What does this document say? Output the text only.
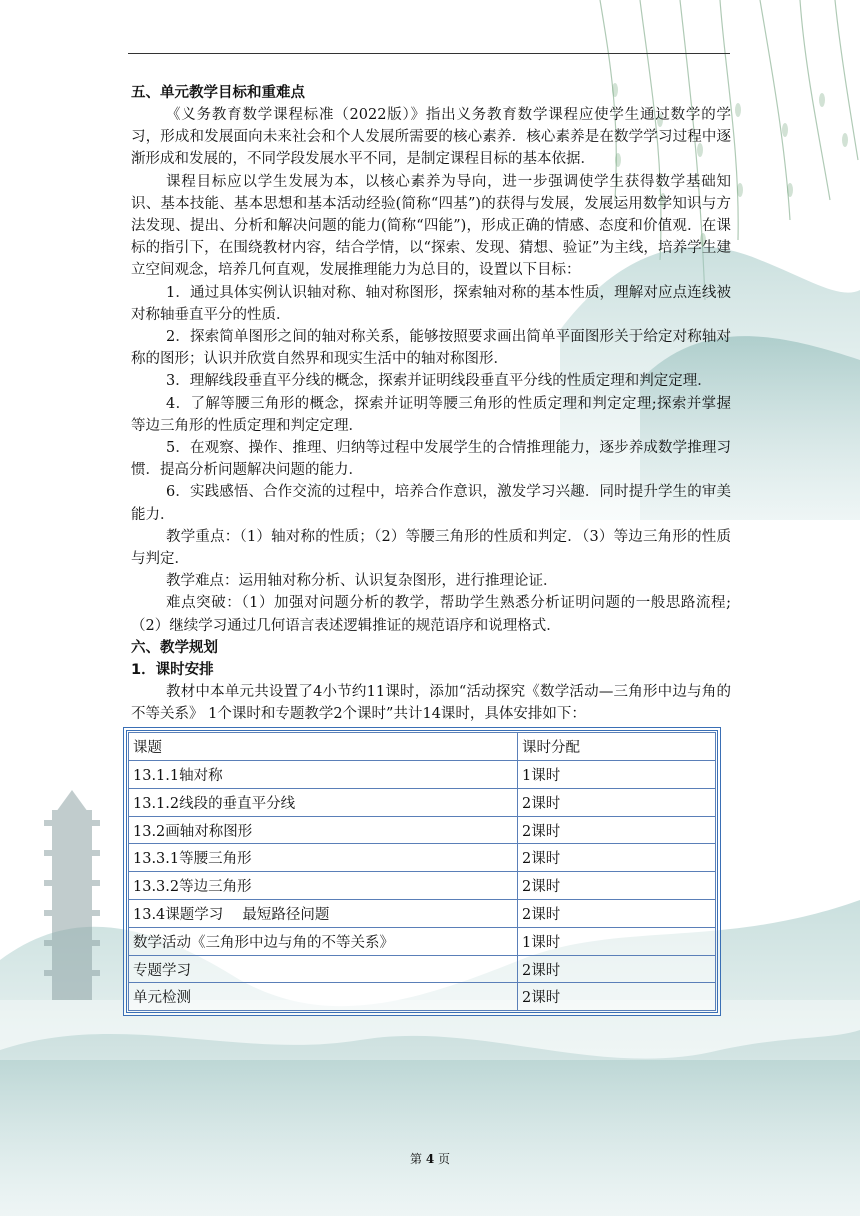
五、单元教学目标和重难点

《义务教育数学课程标准（2022版）》指出义务教育数学课程应使学生通过数学的学习，形成和发展面向未来社会和个人发展所需要的核心素养．核心素养是在数学学习过程中逐渐形成和发展的，不同学段发展水平不同，是制定课程目标的基本依据．

课程目标应以学生发展为本，以核心素养为导向，进一步强调使学生获得数学基础知识、基本技能、基本思想和基本活动经验(简称“四基”)的获得与发展，发展运用数学知识与方法发现、提出、分析和解决问题的能力(简称“四能”)，形成正确的情感、态度和价值观．在课标的指引下，在围绕教材内容，结合学情，以“探索、发现、猜想、验证”为主线，培养学生建立空间观念，培养几何直观，发展推理能力为总目的，设置以下目标：

1．通过具体实例认识轴对称、轴对称图形，探索轴对称的基本性质，理解对应点连线被对称轴垂直平分的性质．

2．探索简单图形之间的轴对称关系，能够按照要求画出简单平面图形关于给定对称轴对称的图形；认识并欣赏自然界和现实生活中的轴对称图形．

3．理解线段垂直平分线的概念，探索并证明线段垂直平分线的性质定理和判定定理．

4．了解等腰三角形的概念，探索并证明等腰三角形的性质定理和判定定理;探索并掌握等边三角形的性质定理和判定定理．

5．在观察、操作、推理、归纳等过程中发展学生的合情推理能力，逐步养成数学推理习惯．提高分析问题解决问题的能力．

6．实践感悟、合作交流的过程中，培养合作意识，激发学习兴趣．同时提升学生的审美能力．

教学重点：（1）轴对称的性质；（2）等腰三角形的性质和判定．（3）等边三角形的性质与判定．

教学难点：运用轴对称分析、认识复杂图形，进行推理论证．

难点突破：（1）加强对问题分析的教学，帮助学生熟悉分析证明问题的一般思路流程;（2）继续学习通过几何语言表述逻辑推证的规范语序和说理格式．

六、教学规划

1．课时安排

教材中本单元共设置了4小节约11课时，添加“活动探究《数学活动—三角形中边与角的不等关系》 1个课时和专题教学2个课时”共计14课时，具体安排如下：

课题	课时分配
13.1.1轴对称	1课时
13.1.2线段的垂直平分线	2课时
13.2画轴对称图形	2课时
13.3.1等腰三角形	2课时
13.3.2等边三角形	2课时
13.4课题学习　 最短路径问题	2课时
数学活动《三角形中边与角的不等关系》	1课时
专题学习	2课时
单元检测	2课时
第 4 页
